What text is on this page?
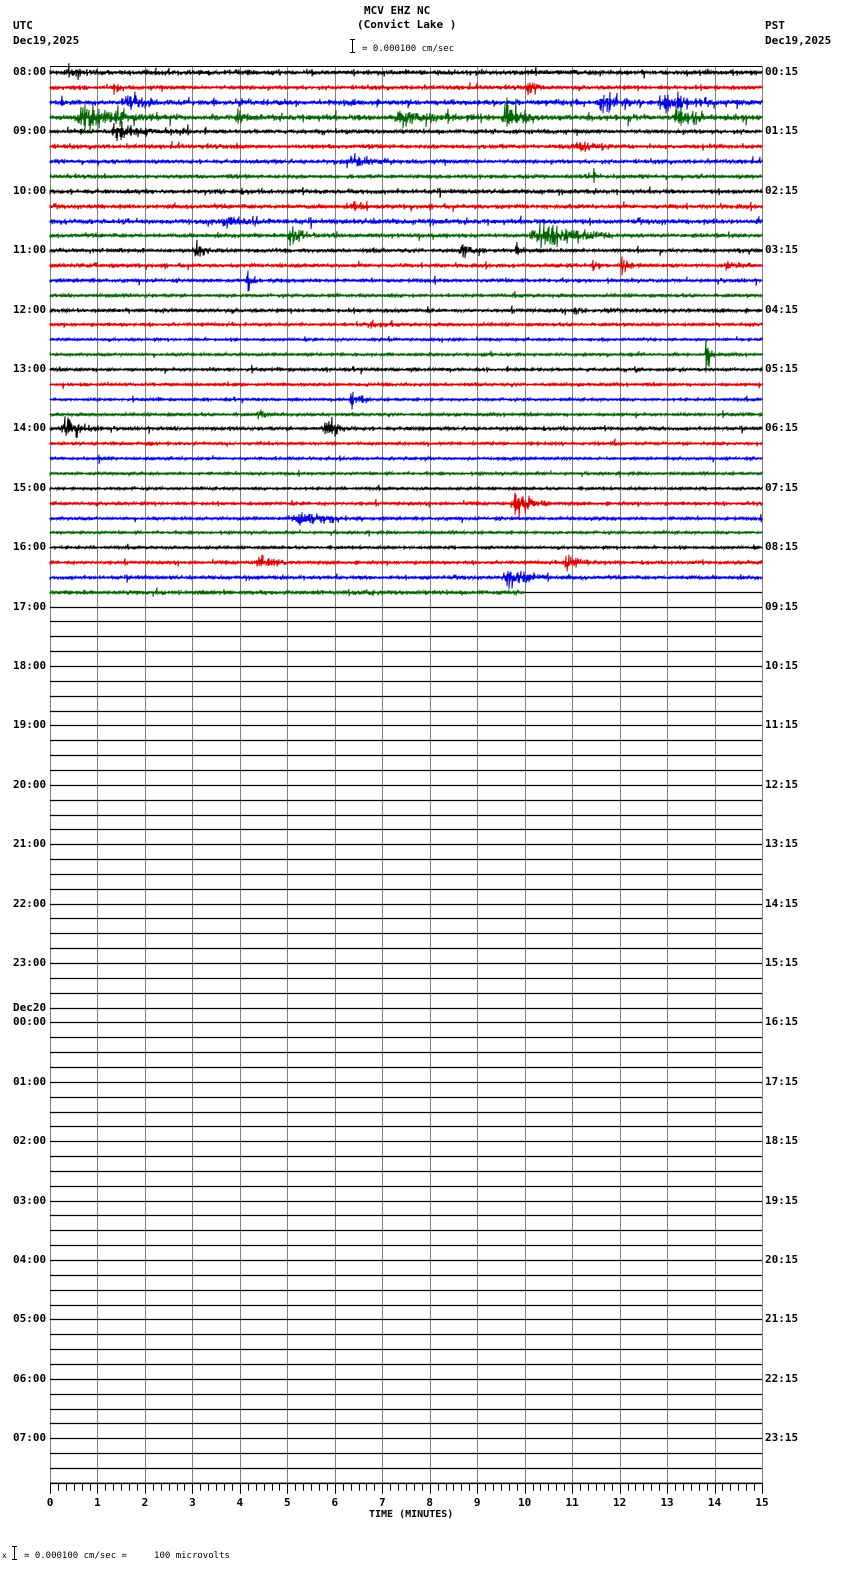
0	1	2	3	4	5	6	7	8	9	10	11	12	13	14	15
MCV EHZ NC
(Convict Lake )
UTC
Dec19,2025
PST
Dec19,2025
= 0.000100 cm/sec
08:00
09:00
10:00
11:00
12:00
13:00
14:00
15:00
16:00
17:00
18:00
19:00
20:00
21:00
22:00
23:00
00:00
Dec20
01:00
02:00
03:00
04:00
05:00
06:00
07:00
00:15
01:15
02:15
03:15
04:15
05:15
06:15
07:15
08:15
09:15
10:15
11:15
12:15
13:15
14:15
15:15
16:15
17:15
18:15
19:15
20:15
21:15
22:15
23:15
TIME (MINUTES)
x = 0.000100 cm/sec =     100 microvolts
